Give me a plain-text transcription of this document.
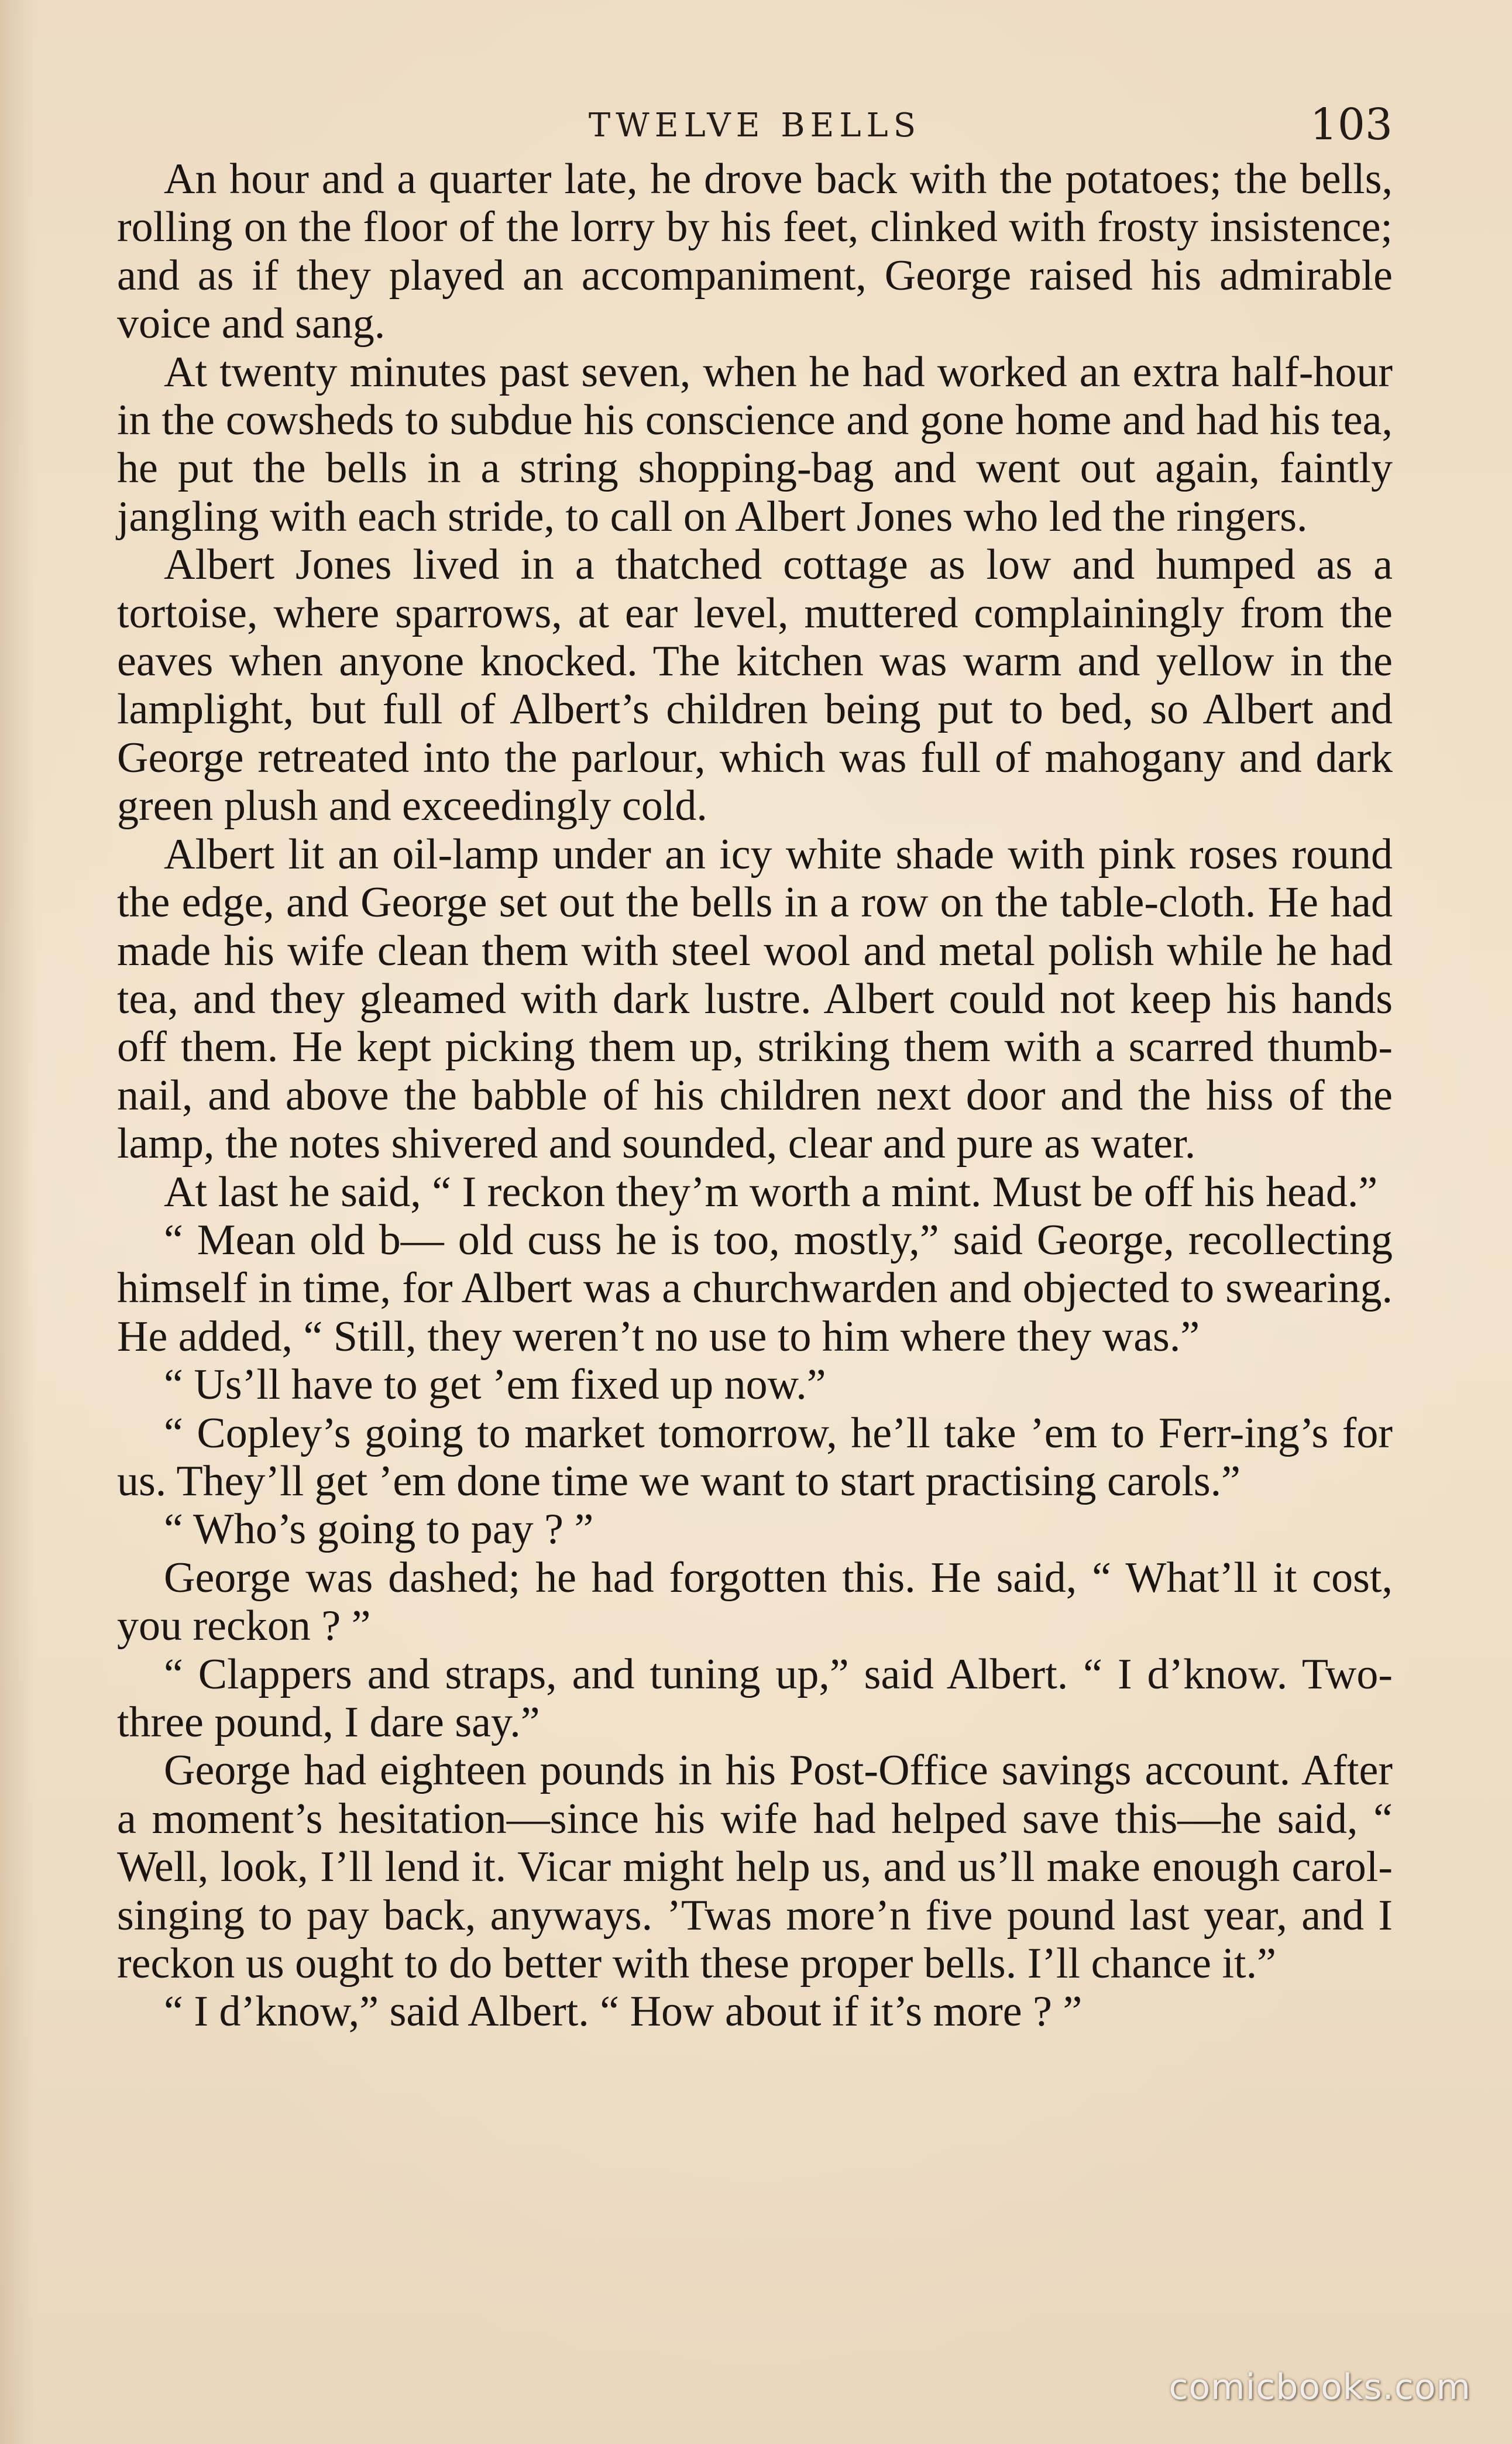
TWELVE BELLS	103

An hour and a quarter late, he drove back with the potatoes; the bells, rolling on the floor of the lorry by his feet, clinked with frosty insistence; and as if they played an accompaniment, George raised his admirable voice and sang.

At twenty minutes past seven, when he had worked an extra half-hour in the cowsheds to subdue his conscience and gone home and had his tea, he put the bells in a string shopping-bag and went out again, faintly jangling with each stride, to call on Albert Jones who led the ringers.

Albert Jones lived in a thatched cottage as low and humped as a tortoise, where sparrows, at ear level, muttered complainingly from the eaves when anyone knocked. The kitchen was warm and yellow in the lamplight, but full of Albert’s children being put to bed, so Albert and George retreated into the parlour, which was full of mahogany and dark green plush and exceedingly cold.

Albert lit an oil-lamp under an icy white shade with pink roses round the edge, and George set out the bells in a row on the table-cloth. He had made his wife clean them with steel wool and metal polish while he had tea, and they gleamed with dark lustre. Albert could not keep his hands off them. He kept picking them up, striking them with a scarred thumb-nail, and above the babble of his children next door and the hiss of the lamp, the notes shivered and sounded, clear and pure as water.

At last he said, “ I reckon they’m worth a mint. Must be off his head.”

“ Mean old b— old cuss he is too, mostly,” said George, recollecting himself in time, for Albert was a churchwarden and objected to swearing. He added, “ Still, they weren’t no use to him where they was.”

“ Us’ll have to get ’em fixed up now.”

“ Copley’s going to market tomorrow, he’ll take ’em to Ferr-ing’s for us. They’ll get ’em done time we want to start practising carols.”

“ Who’s going to pay ? ”

George was dashed; he had forgotten this. He said, “ What’ll it cost, you reckon ? ”

“ Clappers and straps, and tuning up,” said Albert. “ I d’know. Two-three pound, I dare say.”

George had eighteen pounds in his Post-Office savings account. After a moment’s hesitation—since his wife had helped save this—he said, “ Well, look, I’ll lend it. Vicar might help us, and us’ll make enough carol-singing to pay back, anyways. ’Twas more’n five pound last year, and I reckon us ought to do better with these proper bells. I’ll chance it.”

“ I d’know,” said Albert. “ How about if it’s more ? ”

comicbooks.com
